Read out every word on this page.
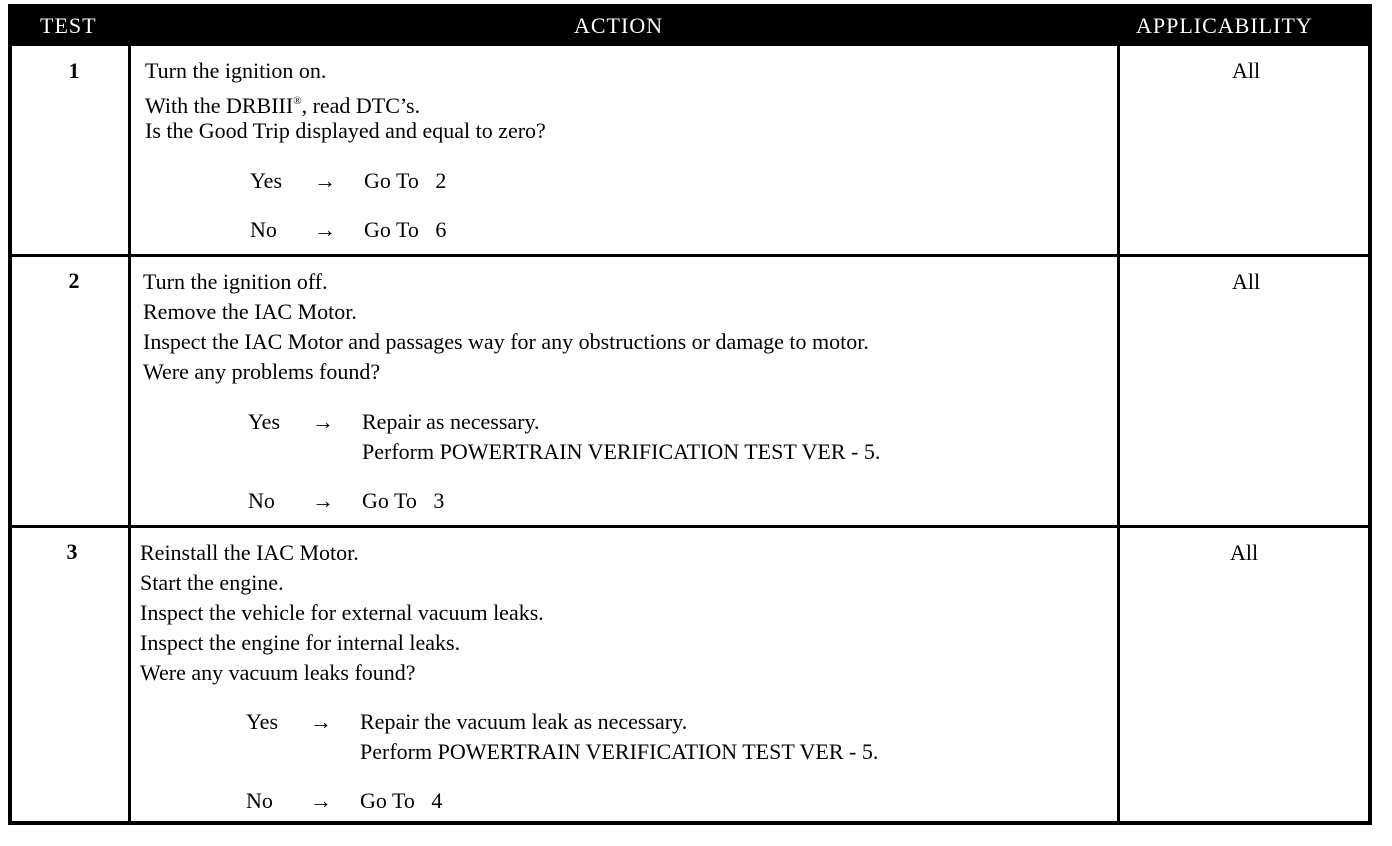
TEST	ACTION	APPLICABILITY
1	Turn the ignition on.
With the DRBIII®, read DTC’s.
Is the Good Trip displayed and equal to zero?
Yes → Go To   2
No → Go To   6
All
2	Turn the ignition off.
Remove the IAC Motor.
Inspect the IAC Motor and passages way for any obstructions or damage to motor.
Were any problems found?
Yes → Repair as necessary.
Perform POWERTRAIN VERIFICATION TEST VER - 5.
No → Go To   3
All
3	Reinstall the IAC Motor.
Start the engine.
Inspect the vehicle for external vacuum leaks.
Inspect the engine for internal leaks.
Were any vacuum leaks found?
Yes → Repair the vacuum leak as necessary.
Perform POWERTRAIN VERIFICATION TEST VER - 5.
No → Go To   4
All
